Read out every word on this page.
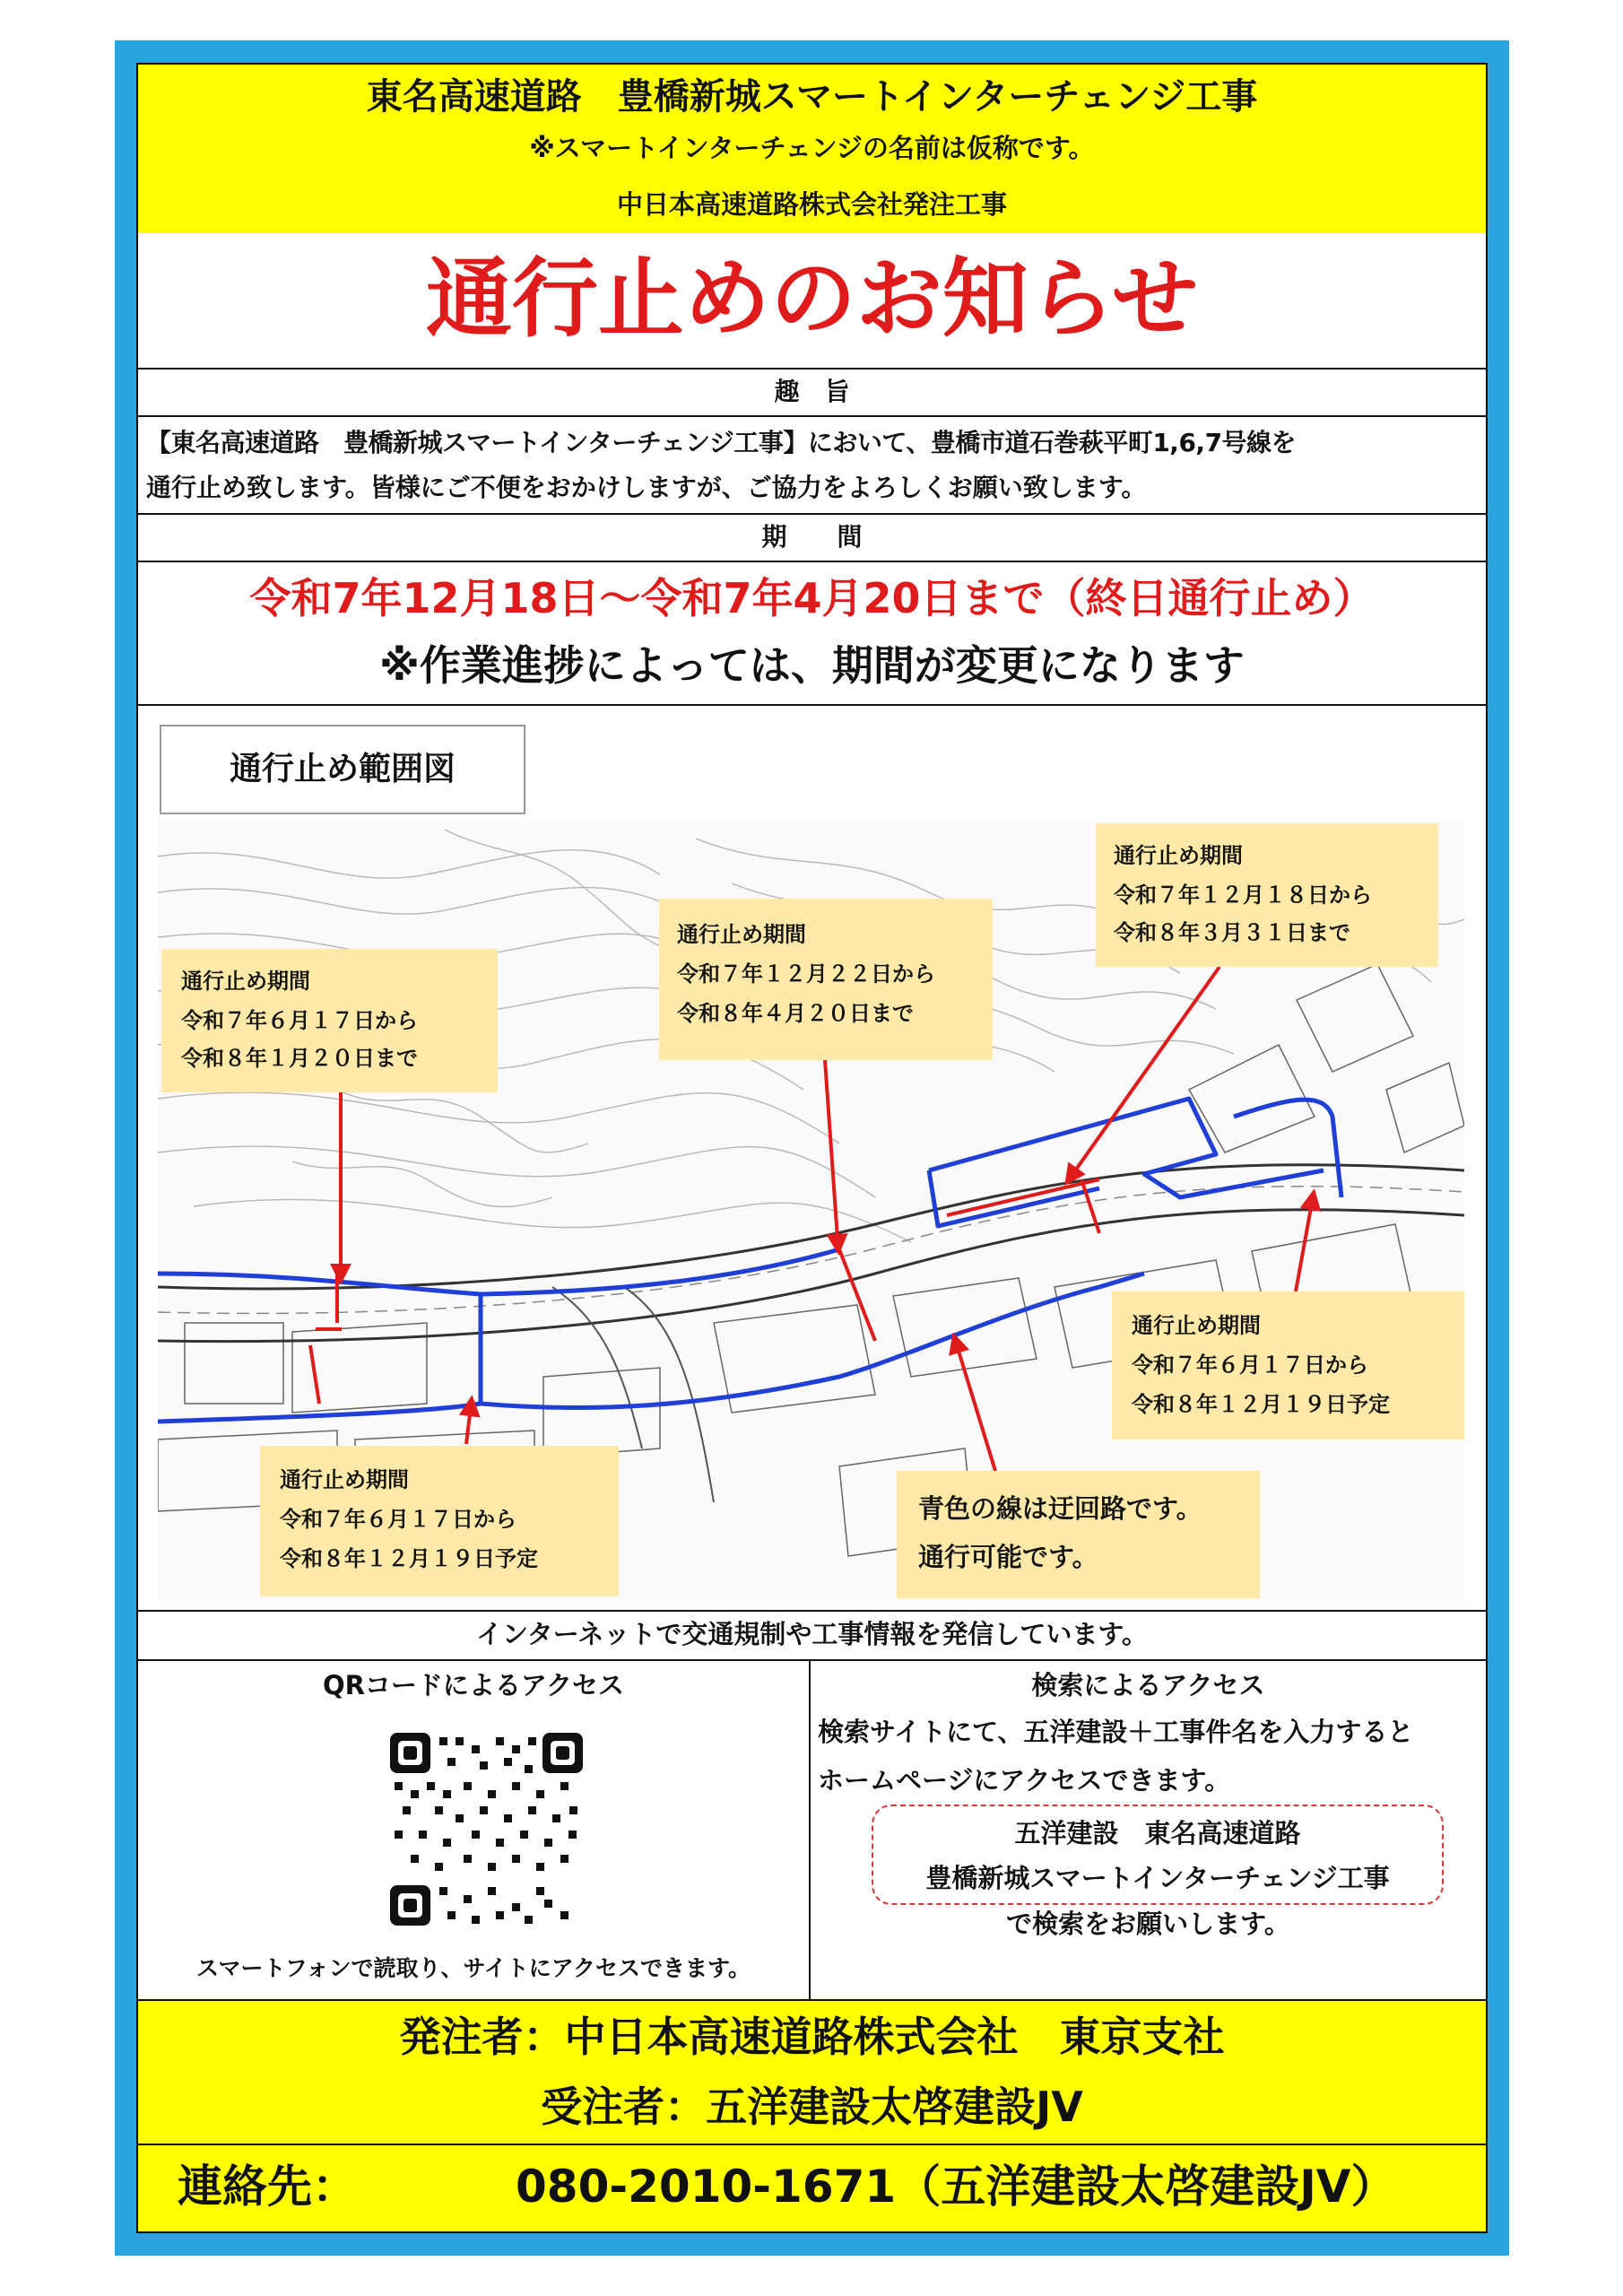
東名高速道路　豊橋新城スマートインターチェンジ工事
※スマートインターチェンジの名前は仮称です。
中日本高速道路株式会社発注工事
通行止めのお知らせ
趣　旨
【東名高速道路　豊橋新城スマートインターチェンジ工事】において、豊橋市道石巻萩平町1,6,7号線を
通行止め致します。皆様にご不便をおかけしますが、ご協力をよろしくお願い致します。
期　　間
令和7年12月18日～令和7年4月20日まで（終日通行止め）
※作業進捗によっては、期間が変更になります
通行止め範囲図
通行止め期間
令和７年６月１７日から
令和８年１月２０日まで
通行止め期間
令和７年１２月２２日から
令和８年４月２０日まで
通行止め期間
令和７年１２月１８日から
令和８年３月３１日まで
通行止め期間
令和７年６月１７日から
令和８年１２月１９日予定
通行止め期間
令和７年６月１７日から
令和８年１２月１９日予定
青色の線は迂回路です。
通行可能です。
インターネットで交通規制や工事情報を発信しています。
QRコードによるアクセス
スマートフォンで読取り、サイトにアクセスできます。
検索によるアクセス
検索サイトにて、五洋建設＋工事件名を入力すると
ホームページにアクセスできます。
五洋建設　東名高速道路
豊橋新城スマートインターチェンジ工事
で検索をお願いします。
発注者：中日本高速道路株式会社　東京支社
受注者：五洋建設太啓建設JV
連絡先：	080-2010-1671（五洋建設太啓建設JV）
